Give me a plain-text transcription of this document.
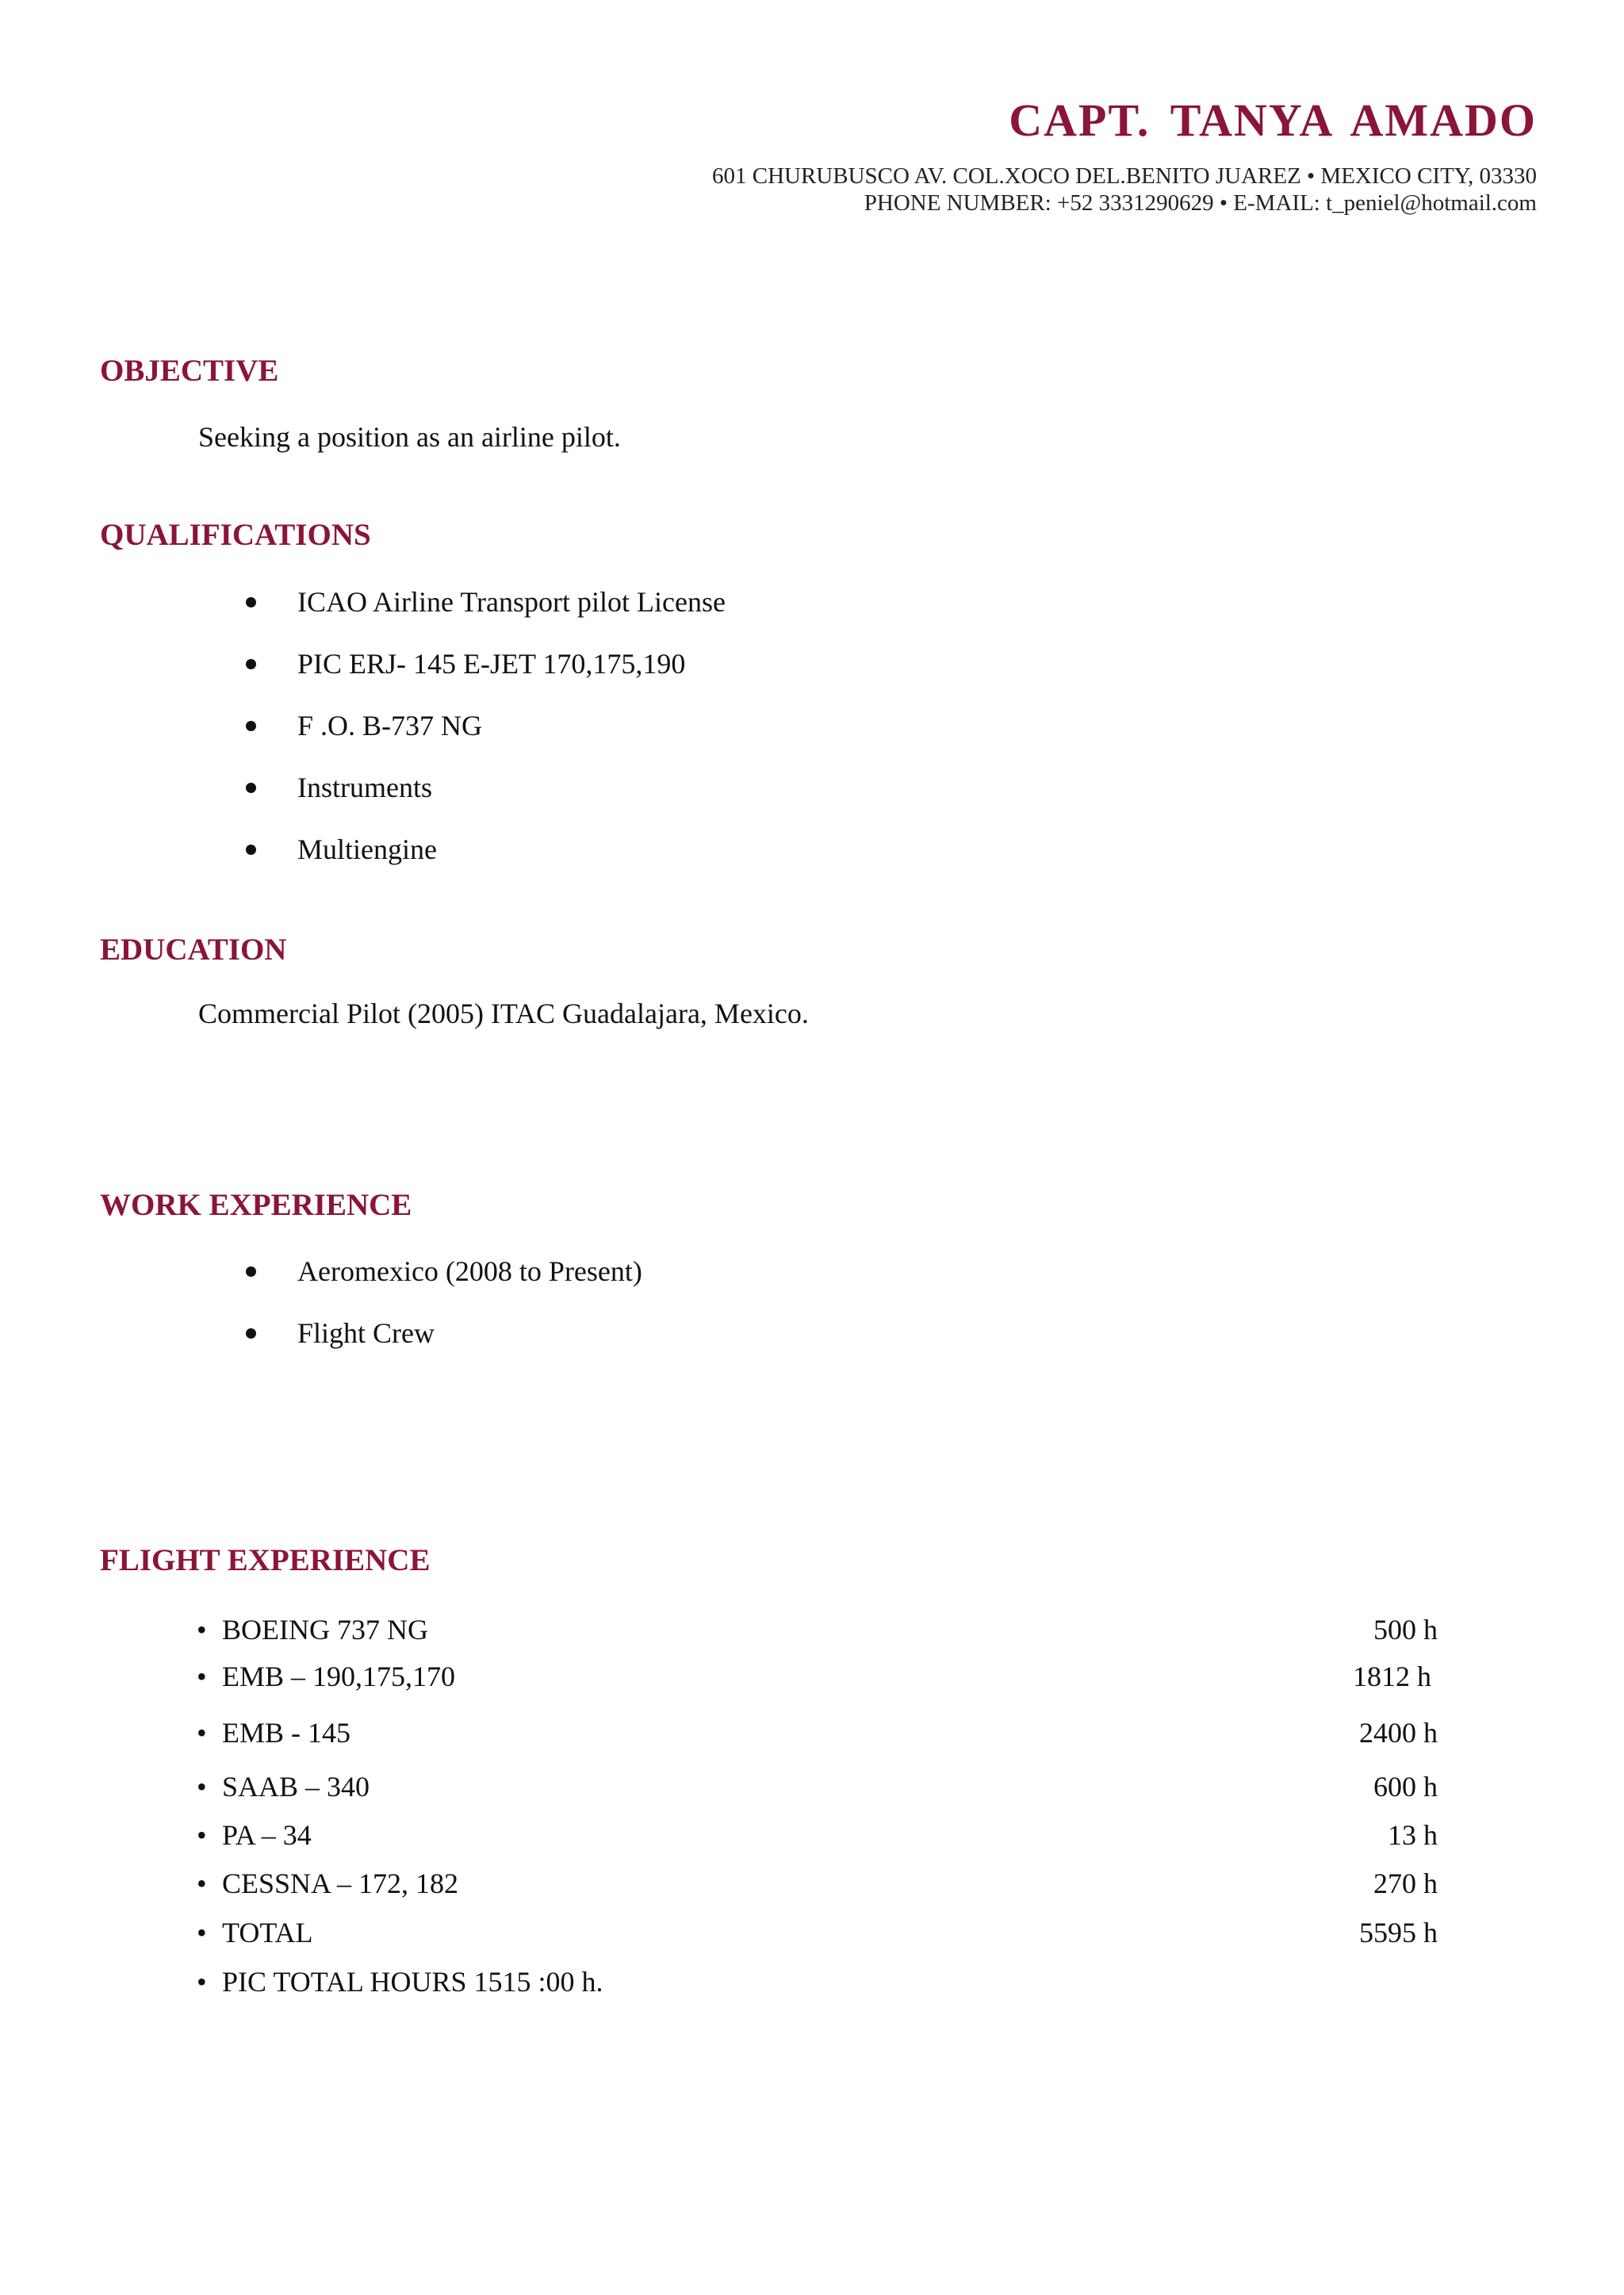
CAPT. TANYA AMADO
601 CHURUBUSCO AV. COL.XOCO DEL.BENITO JUAREZ • MEXICO CITY, 03330
PHONE NUMBER: +52 3331290629 • E-MAIL: t_peniel@hotmail.com
OBJECTIVE
Seeking a position as an airline pilot.
QUALIFICATIONS
ICAO Airline Transport pilot License
PIC ERJ- 145 E-JET 170,175,190
F .O. B-737 NG
Instruments
Multiengine
EDUCATION
Commercial Pilot (2005) ITAC Guadalajara, Mexico.
WORK EXPERIENCE
Aeromexico (2008 to Present)
Flight Crew
FLIGHT EXPERIENCE
• BOEING 737 NG	500 h
• EMB – 190,175,170	1812 h
• EMB - 145	2400 h
• SAAB – 340	600 h
• PA – 34	13 h
• CESSNA – 172, 182	270 h
• TOTAL	5595 h
• PIC TOTAL HOURS 1515 :00 h.
